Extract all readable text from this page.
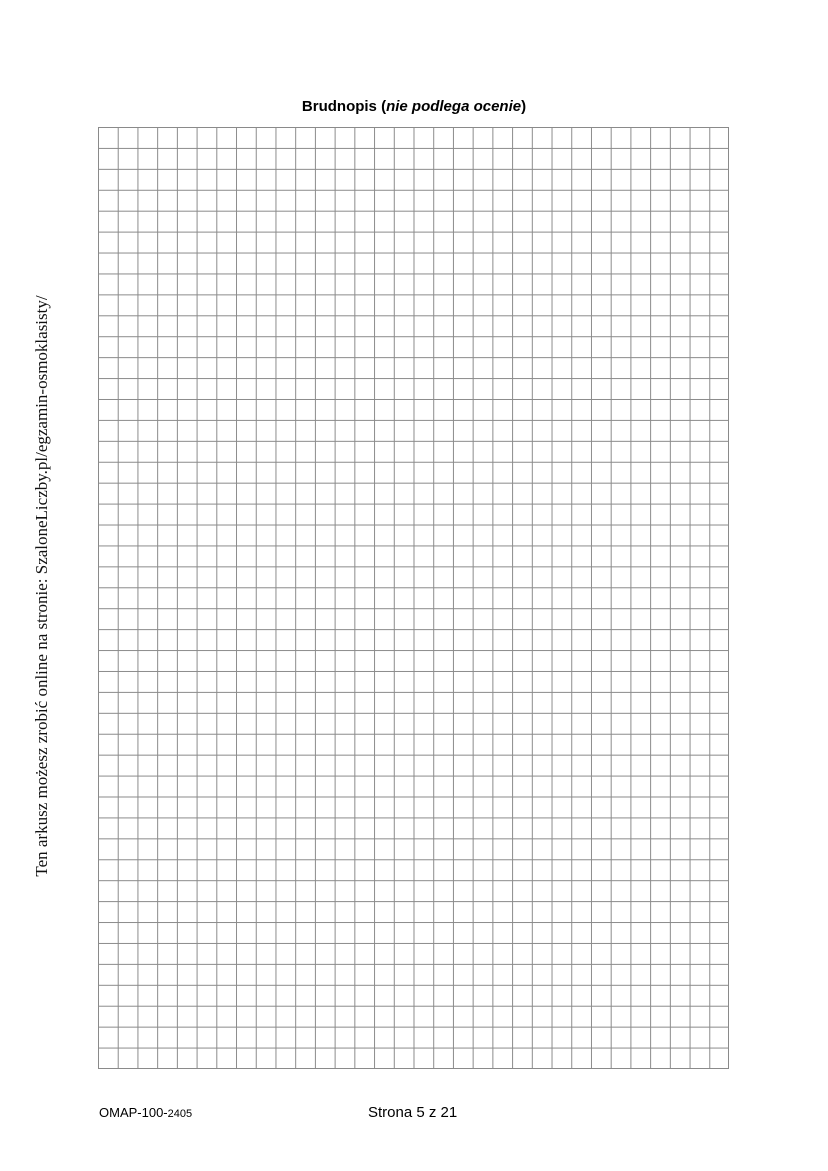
Brudnopis (nie podlega ocenie)
Ten arkusz możesz zrobić online na stronie: SzaloneLiczby.pl/egzamin-osmoklasisty/
OMAP-100-2405	Strona 5 z 21
